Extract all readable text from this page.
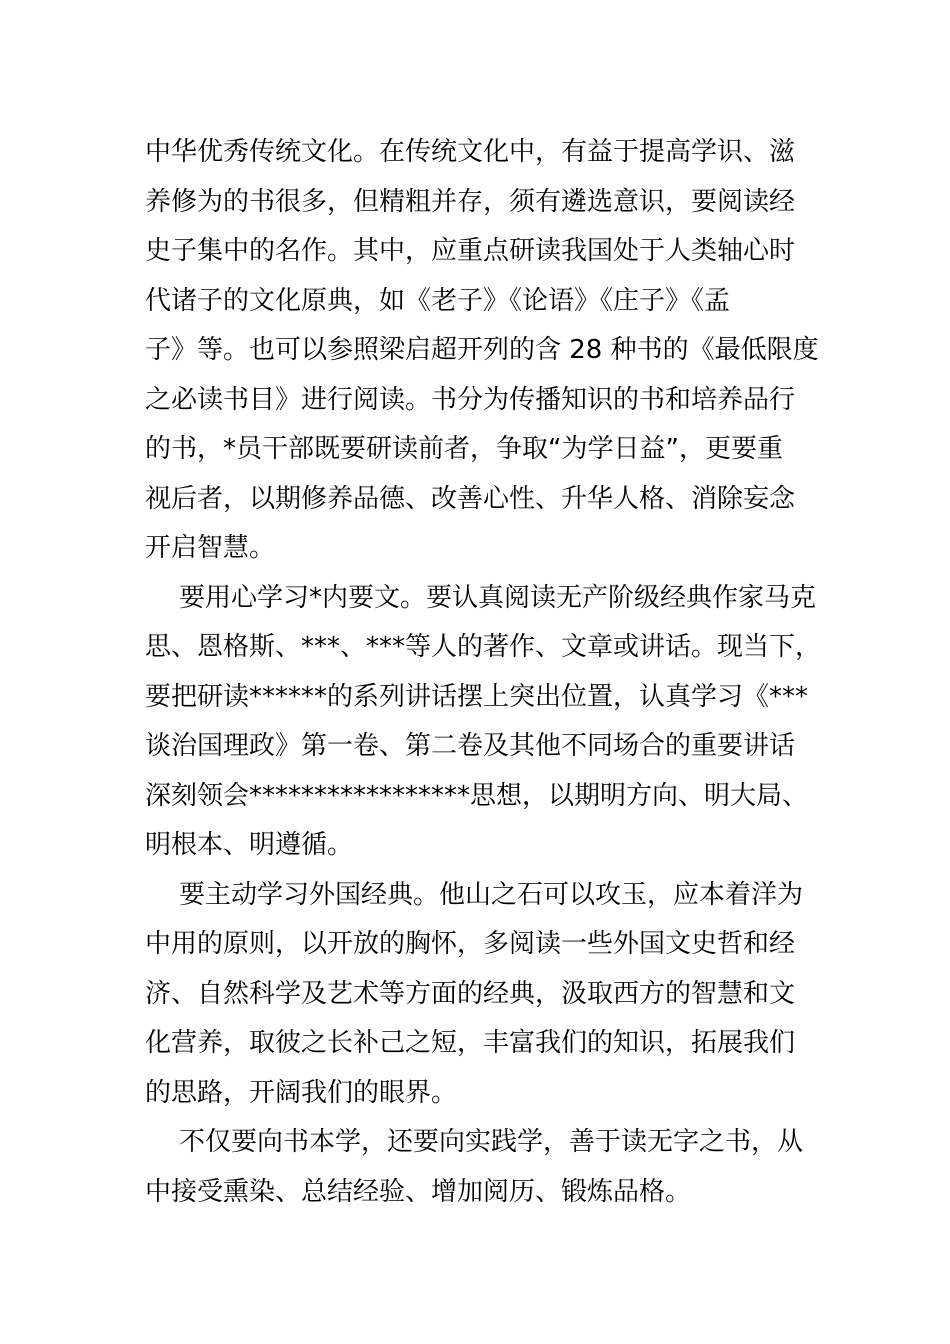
中华优秀传统文化。在传统文化中，有益于提高学识、滋
养修为的书很多，但精粗并存，须有遴选意识，要阅读经
史子集中的名作。其中，应重点研读我国处于人类轴心时
代诸子的文化原典，如《老子》《论语》《庄子》《孟
子》等。也可以参照梁启超开列的含 28 种书的《最低限度
之必读书目》进行阅读。书分为传播知识的书和培养品行
的书，*员干部既要研读前者，争取“为学日益”，更要重
视后者，以期修养品德、改善心性、升华人格、消除妄念
开启智慧。
要用心学习*内要文。要认真阅读无产阶级经典作家马克
思、恩格斯、***、***等人的著作、文章或讲话。现当下，
要把研读******的系列讲话摆上突出位置，认真学习《***
谈治国理政》第一卷、第二卷及其他不同场合的重要讲话
深刻领会*****************思想，以期明方向、明大局、
明根本、明遵循。
要主动学习外国经典。他山之石可以攻玉，应本着洋为
中用的原则，以开放的胸怀，多阅读一些外国文史哲和经
济、自然科学及艺术等方面的经典，汲取西方的智慧和文
化营养，取彼之长补己之短，丰富我们的知识，拓展我们
的思路，开阔我们的眼界。
不仅要向书本学，还要向实践学，善于读无字之书，从
中接受熏染、总结经验、增加阅历、锻炼品格。
